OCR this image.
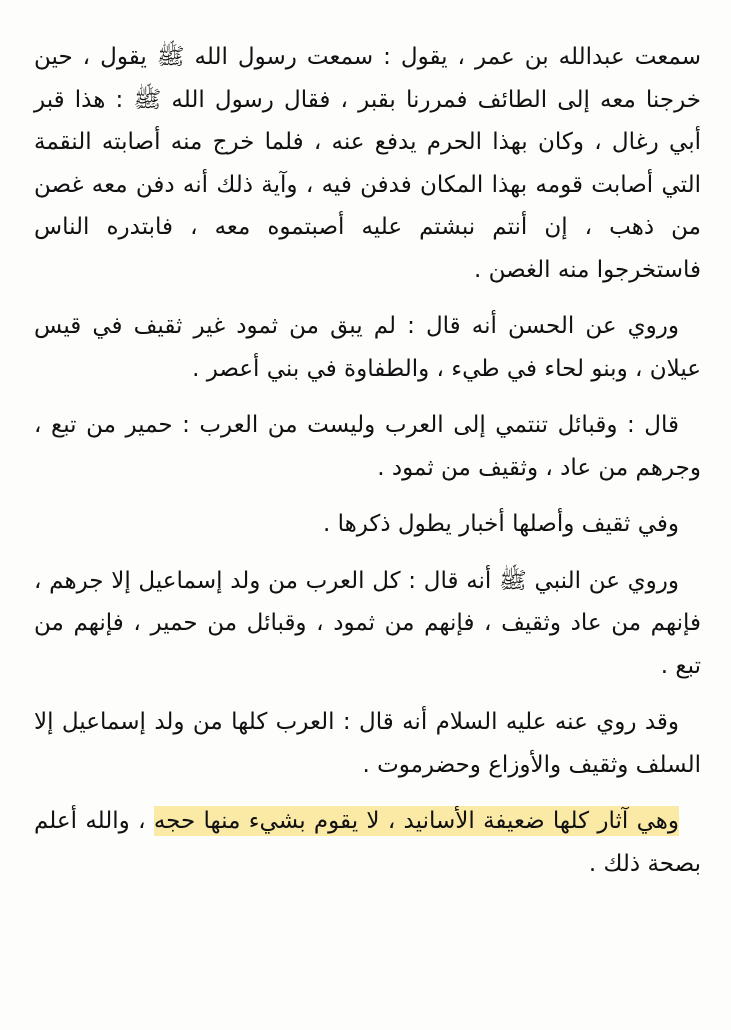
سمعت عبدالله بن عمر ، يقول : سمعت رسول الله ﷺ يقول ، حين خرجنا معه إلى الطائف فمررنا بقبر ، فقال رسول الله ﷺ : هذا قبر أبي رغال ، وكان بهذا الحرم يدفع عنه ، فلما خرج منه أصابته النقمة التي أصابت قومه بهذا المكان فدفن فيه ، وآية ذلك أنه دفن معه غصن من ذهب ، إن أنتم نبشتم عليه أصبتموه معه ، فابتدره الناس فاستخرجوا منه الغصن .

وروي عن الحسن أنه قال : لم يبق من ثمود غير ثقيف في قيس عيلان ، وبنو لحاء في طيء ، والطفاوة في بني أعصر .

قال : وقبائل تنتمي إلى العرب وليست من العرب : حمير من تبع ، وجرهم من عاد ، وثقيف من ثمود .

وفي ثقيف وأصلها أخبار يطول ذكرها .

وروي عن النبي ﷺ أنه قال : كل العرب من ولد إسماعيل إلا جرهم ، فإنهم من عاد وثقيف ، فإنهم من ثمود ، وقبائل من حمير ، فإنهم من تبع .

وقد روي عنه عليه السلام أنه قال : العرب كلها من ولد إسماعيل إلا السلف وثقيف والأوزاع وحضرموت .

وهي آثار كلها ضعيفة الأسانيد ، لا يقوم بشيء منها حجه ، والله أعلم بصحة ذلك .
